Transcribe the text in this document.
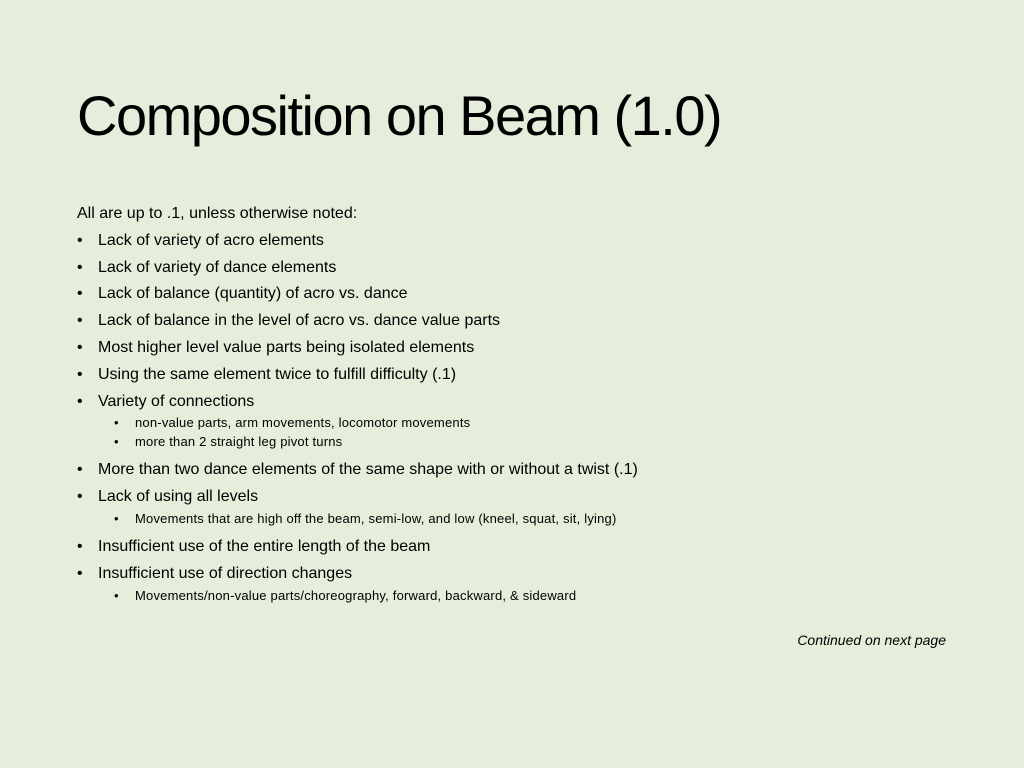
Composition on Beam (1.0)

All are up to .1, unless otherwise noted:

• Lack of variety of acro elements
• Lack of variety of dance elements
• Lack of balance (quantity) of acro vs. dance
• Lack of balance in the level of acro vs. dance value parts
• Most higher level value parts being isolated elements
• Using the same element twice to fulfill difficulty (.1)
• Variety of connections
• non-value parts, arm movements, locomotor movements
• more than 2 straight leg pivot turns
• More than two dance elements of the same shape with or without a twist (.1)
• Lack of using all levels
• Movements that are high off the beam, semi-low, and low (kneel, squat, sit, lying)
• Insufficient use of the entire length of the beam
• Insufficient use of direction changes
• Movements/non-value parts/choreography, forward, backward, & sideward
Continued on next page
